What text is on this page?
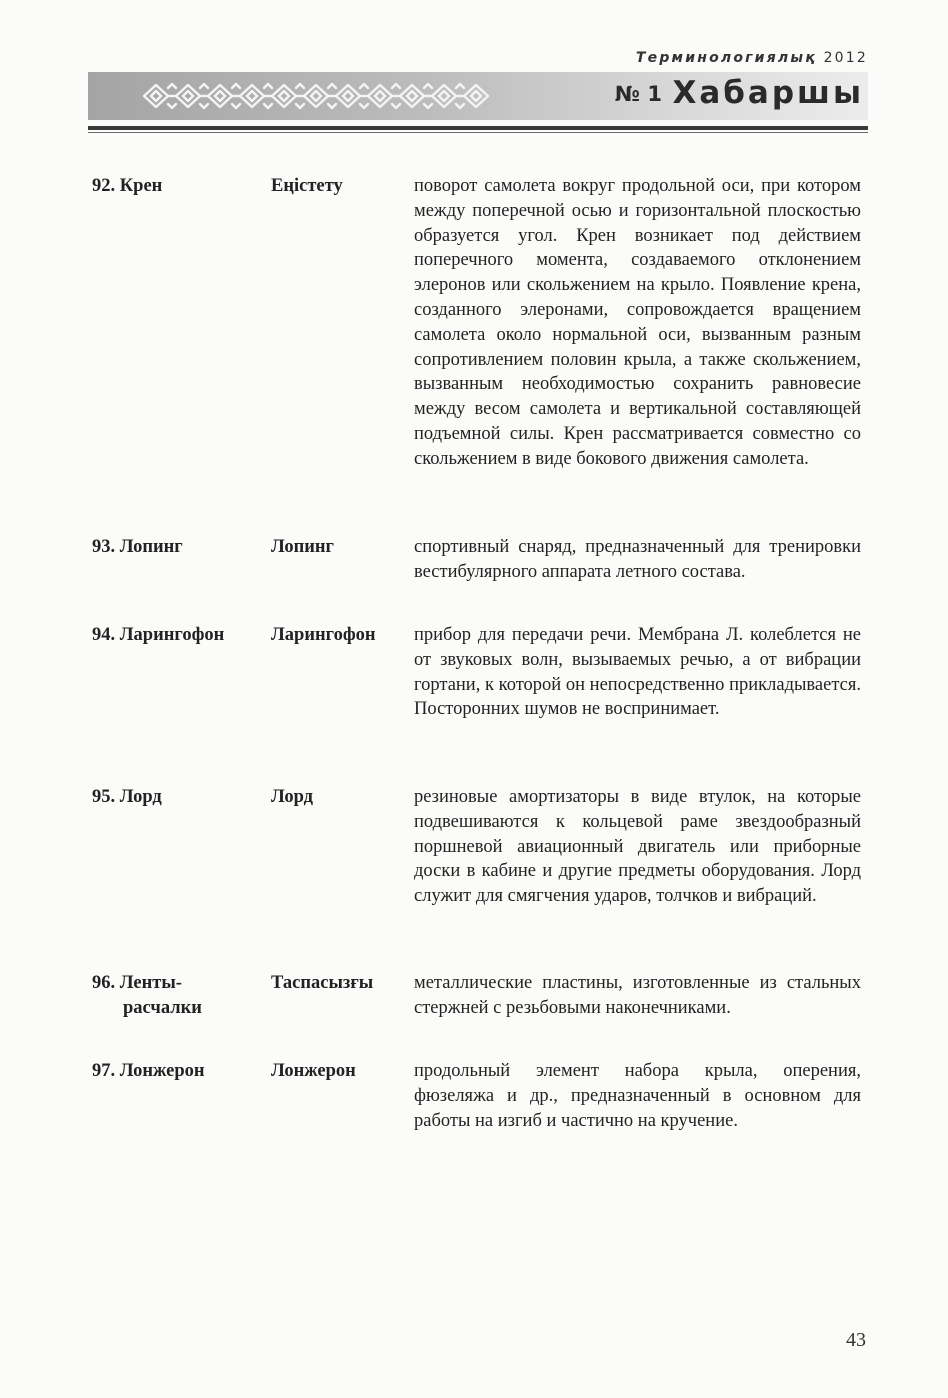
Терминологиялық 2012
№ 1 Хабаршы
92. Крен	Еңістету	поворот самолета вокруг продольной оси, при котором между поперечной осью и горизонтальной плоскостью образуется угол. Крен возникает под действием поперечного момента, создаваемого отклонением элеронов или скольжением на крыло. Появление крена, созданного элеронами, сопровождается вращением самолета около нормальной оси, вызванным разным сопротивлением половин крыла, а также скольжением, вызванным необходимостью сохранить равновесие между весом самолета и вертикальной составляющей подъемной силы. Крен рассматривается совместно со скольжением в виде бокового движения самолета.
93. Лопинг	Лопинг	спортивный снаряд, предназначенный для тренировки вестибулярного аппарата летного состава.
94. Ларингофон	Ларингофон	прибор для передачи речи. Мембрана Л. колеблется не от звуковых волн, вызываемых речью, а от вибрации гортани, к которой он непосредственно прикладывается. Посторонних шумов не воспринимает.
95. Лорд	Лорд	резиновые амортизаторы в виде втулок, на которые подвешиваются к кольцевой раме звездообразный поршневой авиационный двигатель или приборные доски в кабине и другие предметы оборудования. Лорд служит для смягчения ударов, толчков и вибраций.
96. Ленты-
расчалки
Таспасызғы	металлические пластины, изготовленные из стальных стержней с резьбовыми наконечниками.
97. Лонжерон	Лонжерон	продольный элемент набора крыла, оперения, фюзеляжа и др., предназначенный в основном для работы на изгиб и частично на кручение.
43
